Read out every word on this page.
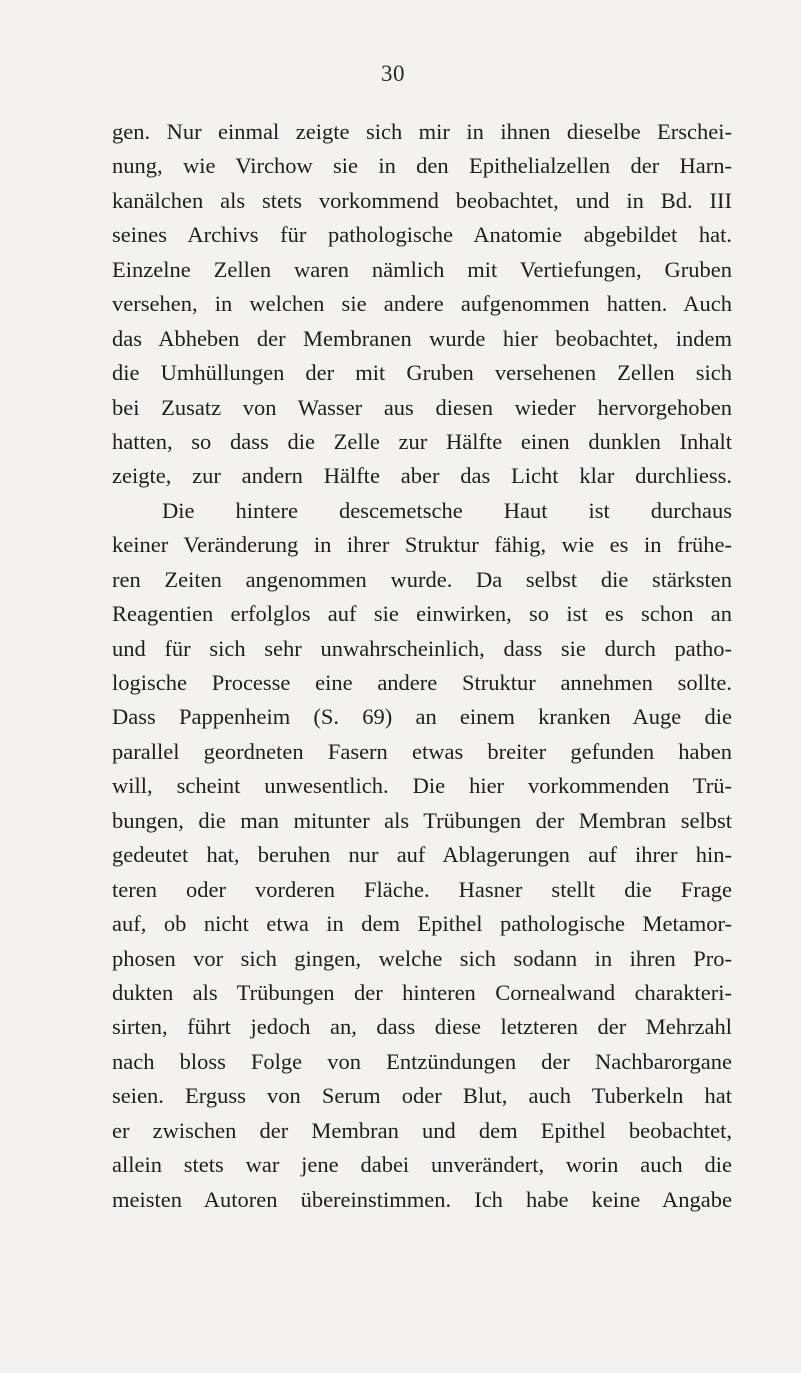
30
gen. Nur einmal zeigte sich mir in ihnen dieselbe Erschei-
nung, wie Virchow sie in den Epithelialzellen der Harn-
kanälchen als stets vorkommend beobachtet, und in Bd. III
seines Archivs für pathologische Anatomie abgebildet hat.
Einzelne Zellen waren nämlich mit Vertiefungen, Gruben
versehen, in welchen sie andere aufgenommen hatten. Auch
das Abheben der Membranen wurde hier beobachtet, indem
die Umhüllungen der mit Gruben versehenen Zellen sich
bei Zusatz von Wasser aus diesen wieder hervorgehoben
hatten, so dass die Zelle zur Hälfte einen dunklen Inhalt
zeigte, zur andern Hälfte aber das Licht klar durchliess.
Die hintere descemetsche Haut ist durchaus
keiner Veränderung in ihrer Struktur fähig, wie es in frühe-
ren Zeiten angenommen wurde. Da selbst die stärksten
Reagentien erfolglos auf sie einwirken, so ist es schon an
und für sich sehr unwahrscheinlich, dass sie durch patho-
logische Processe eine andere Struktur annehmen sollte.
Dass Pappenheim (S. 69) an einem kranken Auge die
parallel geordneten Fasern etwas breiter gefunden haben
will, scheint unwesentlich. Die hier vorkommenden Trü-
bungen, die man mitunter als Trübungen der Membran selbst
gedeutet hat, beruhen nur auf Ablagerungen auf ihrer hin-
teren oder vorderen Fläche. Hasner stellt die Frage
auf, ob nicht etwa in dem Epithel pathologische Metamor-
phosen vor sich gingen, welche sich sodann in ihren Pro-
dukten als Trübungen der hinteren Cornealwand charakteri-
sirten, führt jedoch an, dass diese letzteren der Mehrzahl
nach bloss Folge von Entzündungen der Nachbarorgane
seien. Erguss von Serum oder Blut, auch Tuberkeln hat
er zwischen der Membran und dem Epithel beobachtet,
allein stets war jene dabei unverändert, worin auch die
meisten Autoren übereinstimmen. Ich habe keine Angabe
